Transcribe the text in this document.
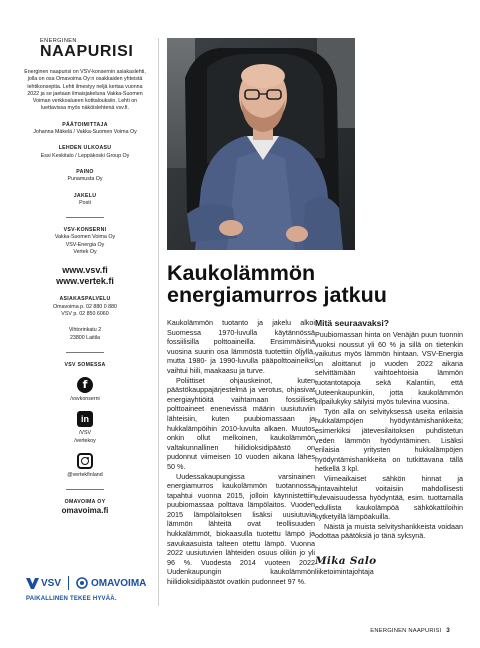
ENERGINEN
NAAPURISI
Energinen naapurisi on VSV-konsernin asiakaslehti, jolla on osa Omavoima Oy:n osakkaiden yhteistä lehtikonseptia. Lehti ilmestyy neljä kertaa vuonna 2022 ja se jaetaan ilmaisjakeluna Vakka-Suomen Voiman verkkoalueen kotitalouksiin. Lehti on luettavissa myös näköislehtenä vsv.fi.
PÄÄTOIMITTAJA
Johanna Mäkelä / Vakka-Suomen Voima Oy
LEHDEN ULKOASU
Essi Keskitalo / Leppäkoski Group Oy
PAINO
Punamusta Oy
JAKELU
Posti
VSV-KONSERNI
Vakka-Suomen Voima Oy
VSV-Energia Oy
Vertek Oy
www.vsv.fi
www.vertek.fi
ASIAKASPALVELU
Omavoima p. 02 880 0 880
VSV p. 02 850 6060
Vihtorinkatu 2
23800 Laitila
VSV SOMESSA
f
/vsvkonserni
in
/VSV
/vertekoy
@vertekfinland
OMAVOIMA OY
omavoima.fi
VSV	OMAVOIMA
PAIKALLINEN TEKEE HYVÄÄ.
Kaukolämmön energiamurros jatkuu

Kaukolämmön tuotanto ja jakelu alkoi Suomessa 1970-luvulla käytännössä fossiilisilla polttoaineilla. Ensimmäisinä vuosina suurin osa lämmöstä tuotettiin öljyllä, mutta 1980- ja 1990-luvulla pääpolttoaineiksi vaihtui hiili, maakaasu ja turve.

Poliittiset ohjauskeinot, kuten päästökauppajärjestelmä ja verotus, ohjasivat energiayhtiöitä vaihtamaan fossiiliset polttoaineet enenevissä määrin uusiutuviin lähteisiin, kuten puubiomassaan ja hukkalämpöihin 2010-luvulta alkaen. Muutos onkin ollut melkoinen, kaukolämmön valtakunnallinen hiilidioksidipäästö on pudonnut viimeisen 10 vuoden aikana lähes 50 %.

Uudessakaupungissa varsinainen energiamurros kaukolämmön tuotannossa tapahtui vuonna 2015, jolloin käynnistettiin puubiomassaa polttava lämpölaitos. Vuoden 2015 lämpölaitoksen lisäksi uusiutuvia lämmön lähteitä ovat teollisuuden hukkalämmöt, biokaasulla tuotettu lämpö ja savukaasuista talteen otettu lämpö. Vuonna 2022 uusiutuvien lähteiden osuus olikin jo yli 96 %. Vuodesta 2014 vuoteen 2022 Uudenkaupungin kaukolämmön hiilidioksidipäästöt ovatkin pudonneet 97 %.

Mitä seuraavaksi?

Puubiomassan hinta on Venäjän puun tuonnin vuoksi noussut yli 60 % ja sillä on tietenkin vaikutus myös lämmön hintaan. VSV-Energia on aloittanut jo vuoden 2022 aikana selvittämään vaihtoehtoisia lämmön tuotantotapoja sekä Kalantiin, että Uuteenkaupunkiin, jotta kaukolämmön kilpailukyky säilyisi myös tulevina vuosina.

Työn alla on selvityksessä useita erilaisia hukkalämpöjen hyödyntämishankkeita; esimerkiksi jätevesilaitoksen puhdistetun veden lämmön hyödyntäminen. Lisäksi erilaisia yritysten hukkalämpöjen hyödyntämishankkeita on tutkittavana tällä hetkellä 3 kpl.

Viimeaikaiset sähkön hinnat ja hintavaihtelut voitaisiin mahdollisesti tulevaisuudessa hyödyntää, esim. tuottamalla edullista kaukolämpöä sähkökattiloihin kytketyillä lämpöakuilla.

Näistä ja muista selvityshankkeista voidaan odottaa päätöksiä jo tänä syksynä.

Mika Salo
liiketoimintajohtaja
ENERGINEN NAAPURISI 3
